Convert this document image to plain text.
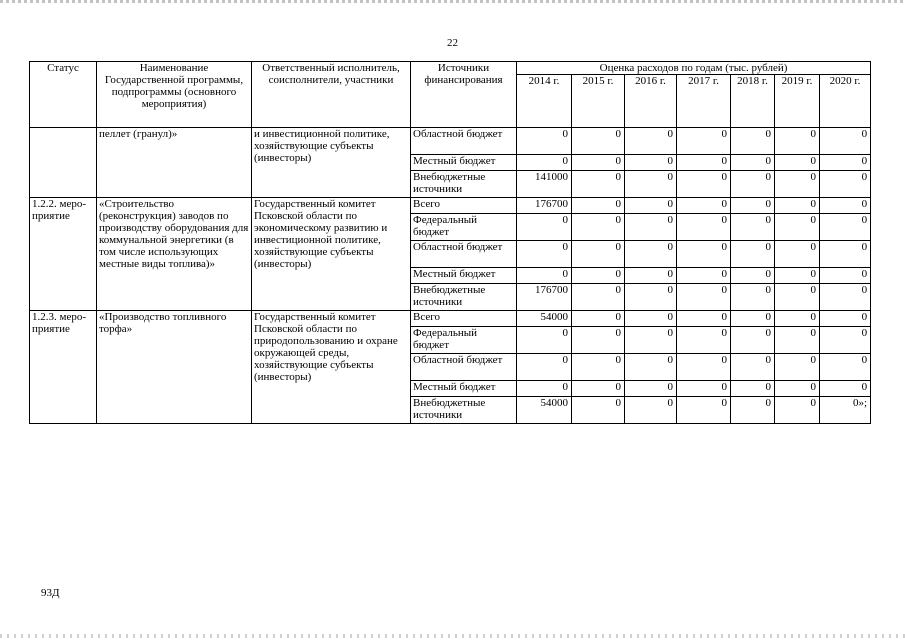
22
Статус	Наименование Государственной программы, подпрограммы (основного мероприятия)	Ответственный исполнитель, соисполнители, участники	Источники финансирования	Оценка расходов по годам (тыс. рублей)						
				2014 г.	2015 г.	2016 г.	2017 г.	2018 г.	2019 г.	2020 г.
	пеллет (гранул)»	и инвестиционной политике, хозяйствующие субъекты (инвесторы)	Областной бюджет	0	0	0	0	0	0	0
			Местный бюджет	0	0	0	0	0	0	0
			Внебюджетные источники	141000	0	0	0	0	0	0
1.2.2. меро-приятие	«Строительство (реконструкция) заводов по производству оборудования для коммунальной энергетики (в том числе использующих местные виды топлива)»	Государственный комитет Псковской области по экономическому развитию и инвестиционной политике, хозяйствующие субъекты (инвесторы)	Всего	176700	0	0	0	0	0	0
			Федеральный бюджет	0	0	0	0	0	0	0
			Областной бюджет	0	0	0	0	0	0	0
			Местный бюджет	0	0	0	0	0	0	0
			Внебюджетные источники	176700	0	0	0	0	0	0
1.2.3. меро-приятие	«Производство топливного торфа»	Государственный комитет Псковской области по природопользованию и охране окружающей среды, хозяйствующие субъекты (инвесторы)	Всего	54000	0	0	0	0	0	0
			Федеральный бюджет	0	0	0	0	0	0	0
			Областной бюджет	0	0	0	0	0	0	0
			Местный бюджет	0	0	0	0	0	0	0
			Внебюджетные источники	54000	0	0	0	0	0	0»;
93Д
